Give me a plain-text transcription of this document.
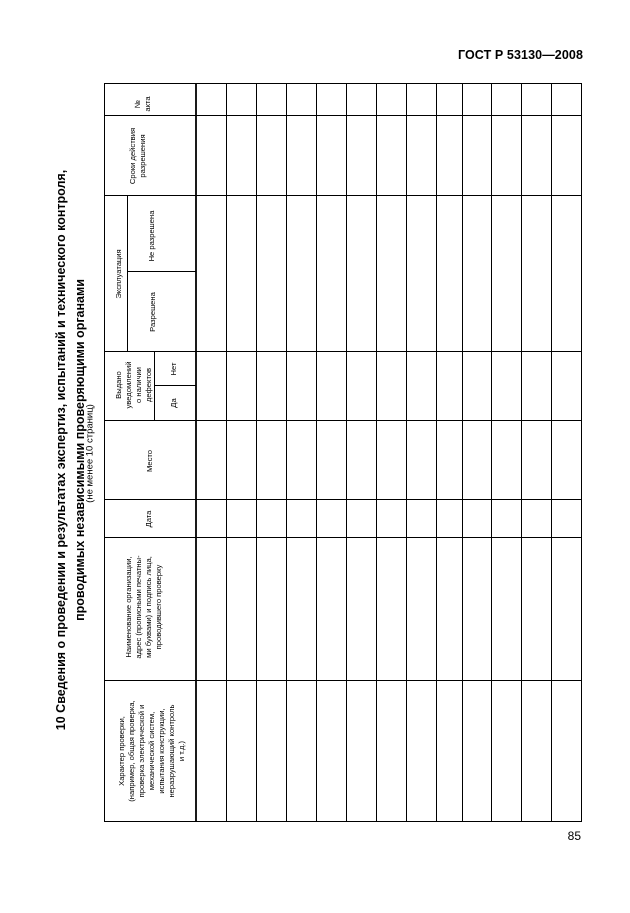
ГОСТ Р 53130—2008
10 Сведения о проведении и результатах экспертиз, испытаний и технического контроля, проводимых независимыми проверяющими органами
(не менее 10 страниц)
№ акта
Сроки действия разрешения
Не разрешена
Разрешена
Эксплуатация
Нет
Да
Выдано уведомлений о наличии дефектов
Место
Дата
Наименование организации, адрес (прописными печатны- ми буквами) и подпись лица, проводившего проверку
Характер проверки, (например, общая проверка, проверка электрической и механической систем, испытания конструкции, неразрушающий контроль и т.д.)
85
